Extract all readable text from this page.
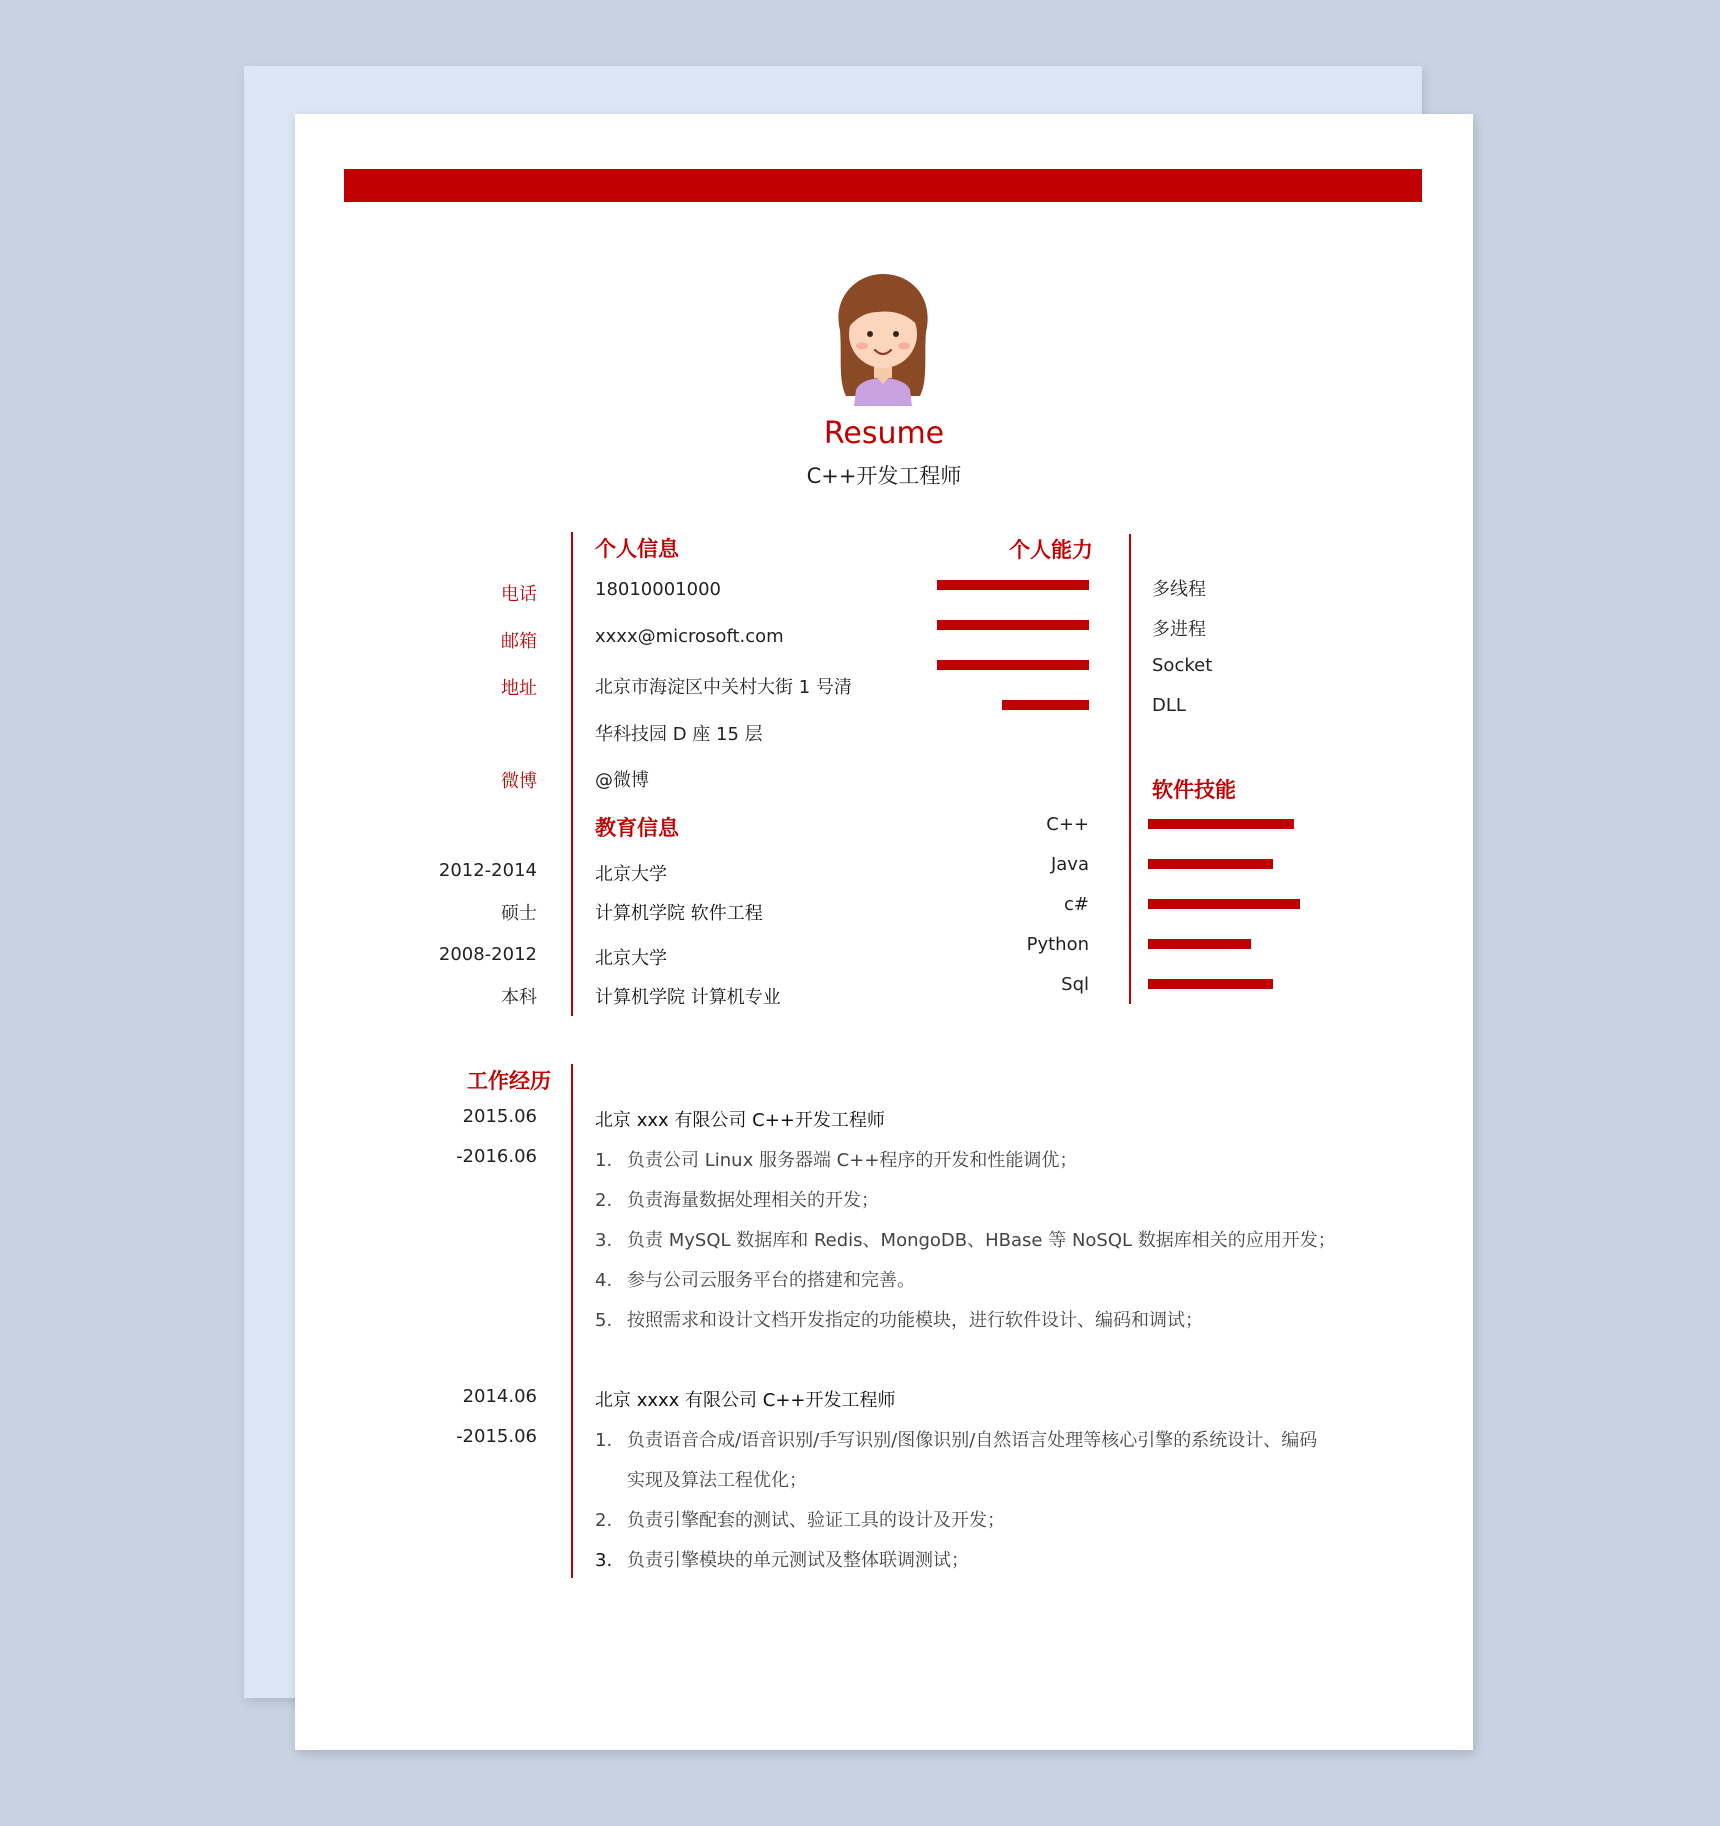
Resume
C++开发工程师
个人信息
电话	18010001000
邮箱	xxxx@microsoft.com
地址	北京市海淀区中关村大街 1 号清
华科技园 D 座 15 层
微博	@微博
教育信息
2012-2014	北京大学
硕士	计算机学院 软件工程
2008-2012	北京大学
本科	计算机学院 计算机专业
个人能力
多线程
多进程
Socket
DLL
软件技能
C++
Java
c#
Python
Sql
工作经历
2015.06
-2016.06
北京 xxx 有限公司 C++开发工程师
1. 负责公司 Linux 服务器端 C++程序的开发和性能调优；
2. 负责海量数据处理相关的开发；
3. 负责 MySQL 数据库和 Redis、MongoDB、HBase 等 NoSQL 数据库相关的应用开发；
4. 参与公司云服务平台的搭建和完善。
5. 按照需求和设计文档开发指定的功能模块，进行软件设计、编码和调试；
2014.06
-2015.06
北京 xxxx 有限公司 C++开发工程师
1. 负责语音合成/语音识别/手写识别/图像识别/自然语言处理等核心引擎的系统设计、编码
实现及算法工程优化；
2. 负责引擎配套的测试、验证工具的设计及开发；
3. 负责引擎模块的单元测试及整体联调测试；
